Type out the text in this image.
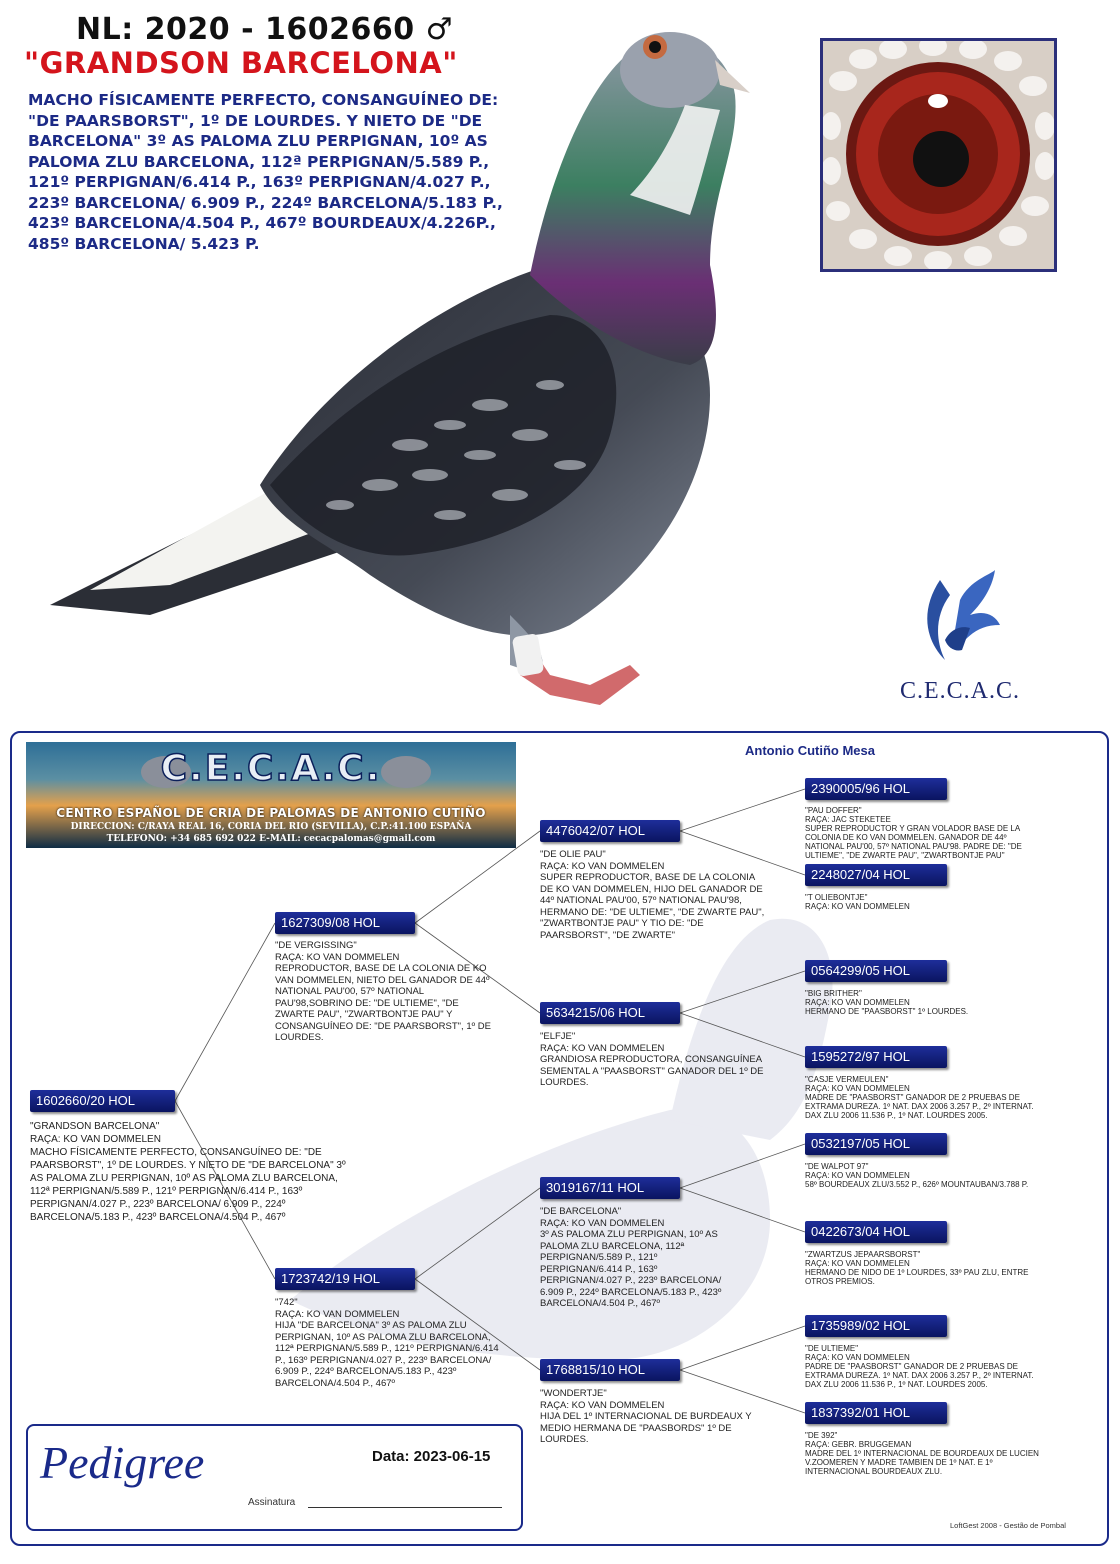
NL: 2020 - 1602660 ♂
"GRANDSON BARCELONA"
MACHO FÍSICAMENTE PERFECTO, CONSANGUÍNEO DE: "DE PAARSBORST", 1º DE LOURDES. Y NIETO DE "DE BARCELONA" 3º AS PALOMA ZLU PERPIGNAN, 10º AS PALOMA ZLU BARCELONA, 112ª PERPIGNAN/5.589 P., 121º PERPIGNAN/6.414 P., 163º PERPIGNAN/4.027 P., 223º BARCELONA/ 6.909 P., 224º BARCELONA/5.183 P., 423º BARCELONA/4.504 P., 467º BOURDEAUX/4.226P., 485º BARCELONA/ 5.423 P.
C.E.C.A.C.
Antonio Cutiño Mesa
C.E.C.A.C.
CENTRO ESPAÑOL DE CRIA DE PALOMAS DE ANTONIO CUTIÑO
DIRECCION: C/RAYA REAL 16, CORIA DEL RIO (SEVILLA), C.P.:41.100 ESPAÑA
TELEFONO: +34 685 692 022 E-MAIL: cecacpalomas@gmail.com
1602660/20 HOL
"GRANDSON BARCELONA"
RAÇA: KO VAN DOMMELEN
MACHO FÍSICAMENTE PERFECTO, CONSANGUÍNEO DE: "DE PAARSBORST", 1º DE LOURDES. Y NIETO DE "DE BARCELONA" 3º AS PALOMA ZLU PERPIGNAN, 10º AS PALOMA ZLU BARCELONA, 112ª PERPIGNAN/5.589 P., 121º PERPIGNAN/6.414 P., 163º PERPIGNAN/4.027 P., 223º BARCELONA/ 6.909 P., 224º BARCELONA/5.183 P., 423º BARCELONA/4.504 P., 467º
1627309/08 HOL
"DE VERGISSING"
RAÇA: KO VAN DOMMELEN
REPRODUCTOR, BASE DE LA COLONIA DE KO VAN DOMMELEN, NIETO DEL GANADOR DE 44º NATIONAL PAU'00, 57º NATIONAL PAU'98,SOBRINO DE: "DE ULTIEME", "DE ZWARTE PAU", "ZWARTBONTJE PAU" Y CONSANGUÍNEO DE: "DE PAARSBORST", 1º DE LOURDES.
1723742/19 HOL
"742"
RAÇA: KO VAN DOMMELEN
HIJA "DE BARCELONA" 3º AS PALOMA ZLU PERPIGNAN, 10º AS PALOMA ZLU BARCELONA, 112ª PERPIGNAN/5.589 P., 121º PERPIGNAN/6.414 P., 163º PERPIGNAN/4.027 P., 223º BARCELONA/ 6.909 P., 224º BARCELONA/5.183 P., 423º BARCELONA/4.504 P., 467º
4476042/07 HOL
"DE OLIE PAU"
RAÇA: KO VAN DOMMELEN
SUPER REPRODUCTOR, BASE DE LA COLONIA DE KO VAN DOMMELEN, HIJO DEL GANADOR DE 44º NATIONAL PAU'00, 57º NATIONAL PAU'98, HERMANO DE: "DE ULTIEME", "DE ZWARTE PAU", "ZWARTBONTJE PAU" Y TIO DE: "DE PAARSBORST", "DE ZWARTE"
5634215/06 HOL
"ELFJE"
RAÇA: KO VAN DOMMELEN
GRANDIOSA REPRODUCTORA, CONSANGUÍNEA SEMENTAL A "PAASBORST" GANADOR DEL 1º DE LOURDES.
3019167/11 HOL
"DE BARCELONA"
RAÇA: KO VAN DOMMELEN
3º AS PALOMA ZLU PERPIGNAN, 10º AS PALOMA ZLU BARCELONA, 112ª PERPIGNAN/5.589 P., 121º PERPIGNAN/6.414 P., 163º PERPIGNAN/4.027 P., 223º BARCELONA/ 6.909 P., 224º BARCELONA/5.183 P., 423º BARCELONA/4.504 P., 467º
1768815/10 HOL
"WONDERTJE"
RAÇA: KO VAN DOMMELEN
HIJA DEL 1º INTERNACIONAL DE BURDEAUX Y MEDIO HERMANA DE "PAASBORDS" 1º DE LOURDES.
2390005/96 HOL
"PAU DOFFER"
RAÇA: JAC STEKETEE
SUPER REPRODUCTOR Y GRAN VOLADOR BASE DE LA COLONIA DE KO VAN DOMMELEN. GANADOR DE 44º NATIONAL PAU'00, 57º NATIONAL PAU'98. PADRE DE: "DE ULTIEME", "DE ZWARTE PAU", "ZWARTBONTJE PAU"
2248027/04 HOL
"T OLIEBONTJE"
RAÇA: KO VAN DOMMELEN
0564299/05 HOL
"BIG BRITHER"
RAÇA: KO VAN DOMMELEN
HERMANO DE "PAASBORST" 1º LOURDES.
1595272/97 HOL
"CASJE VERMEULEN"
RAÇA: KO VAN DOMMELEN
MADRE DE "PAASBORST" GANADOR DE 2 PRUEBAS DE EXTRAMA DUREZA. 1º NAT. DAX 2006 3.257 P., 2º INTERNAT. DAX ZLU 2006 11.536 P., 1º NAT. LOURDES 2005.
0532197/05 HOL
"DE WALPOT 97"
RAÇA: KO VAN DOMMELEN
58º BOURDEAUX ZLU/3.552 P., 626º MOUNTAUBAN/3.788 P.
0422673/04 HOL
"ZWARTZUS JEPAARSBORST"
RAÇA: KO VAN DOMMELEN
HERMANO DE NIDO DE 1º LOURDES, 33º PAU ZLU, ENTRE OTROS PREMIOS.
1735989/02 HOL
"DE ULTIEME"
RAÇA: KO VAN DOMMELEN
PADRE DE "PAASBORST" GANADOR DE 2 PRUEBAS DE EXTRAMA DUREZA. 1º NAT. DAX 2006 3.257 P., 2º INTERNAT. DAX ZLU 2006 11.536 P., 1º NAT. LOURDES 2005.
1837392/01 HOL
"DE 392"
RAÇA: GEBR. BRUGGEMAN
MADRE DEL 1º INTERNACIONAL DE BOURDEAUX DE LUCIEN V.ZOOMEREN Y MADRE TAMBIEN DE 1º NAT. E 1º INTERNACIONAL BOURDEAUX ZLU.
Pedigree	Data: 2023-06-15
Assinatura
LoftGest 2008 - Gestão de Pombal
